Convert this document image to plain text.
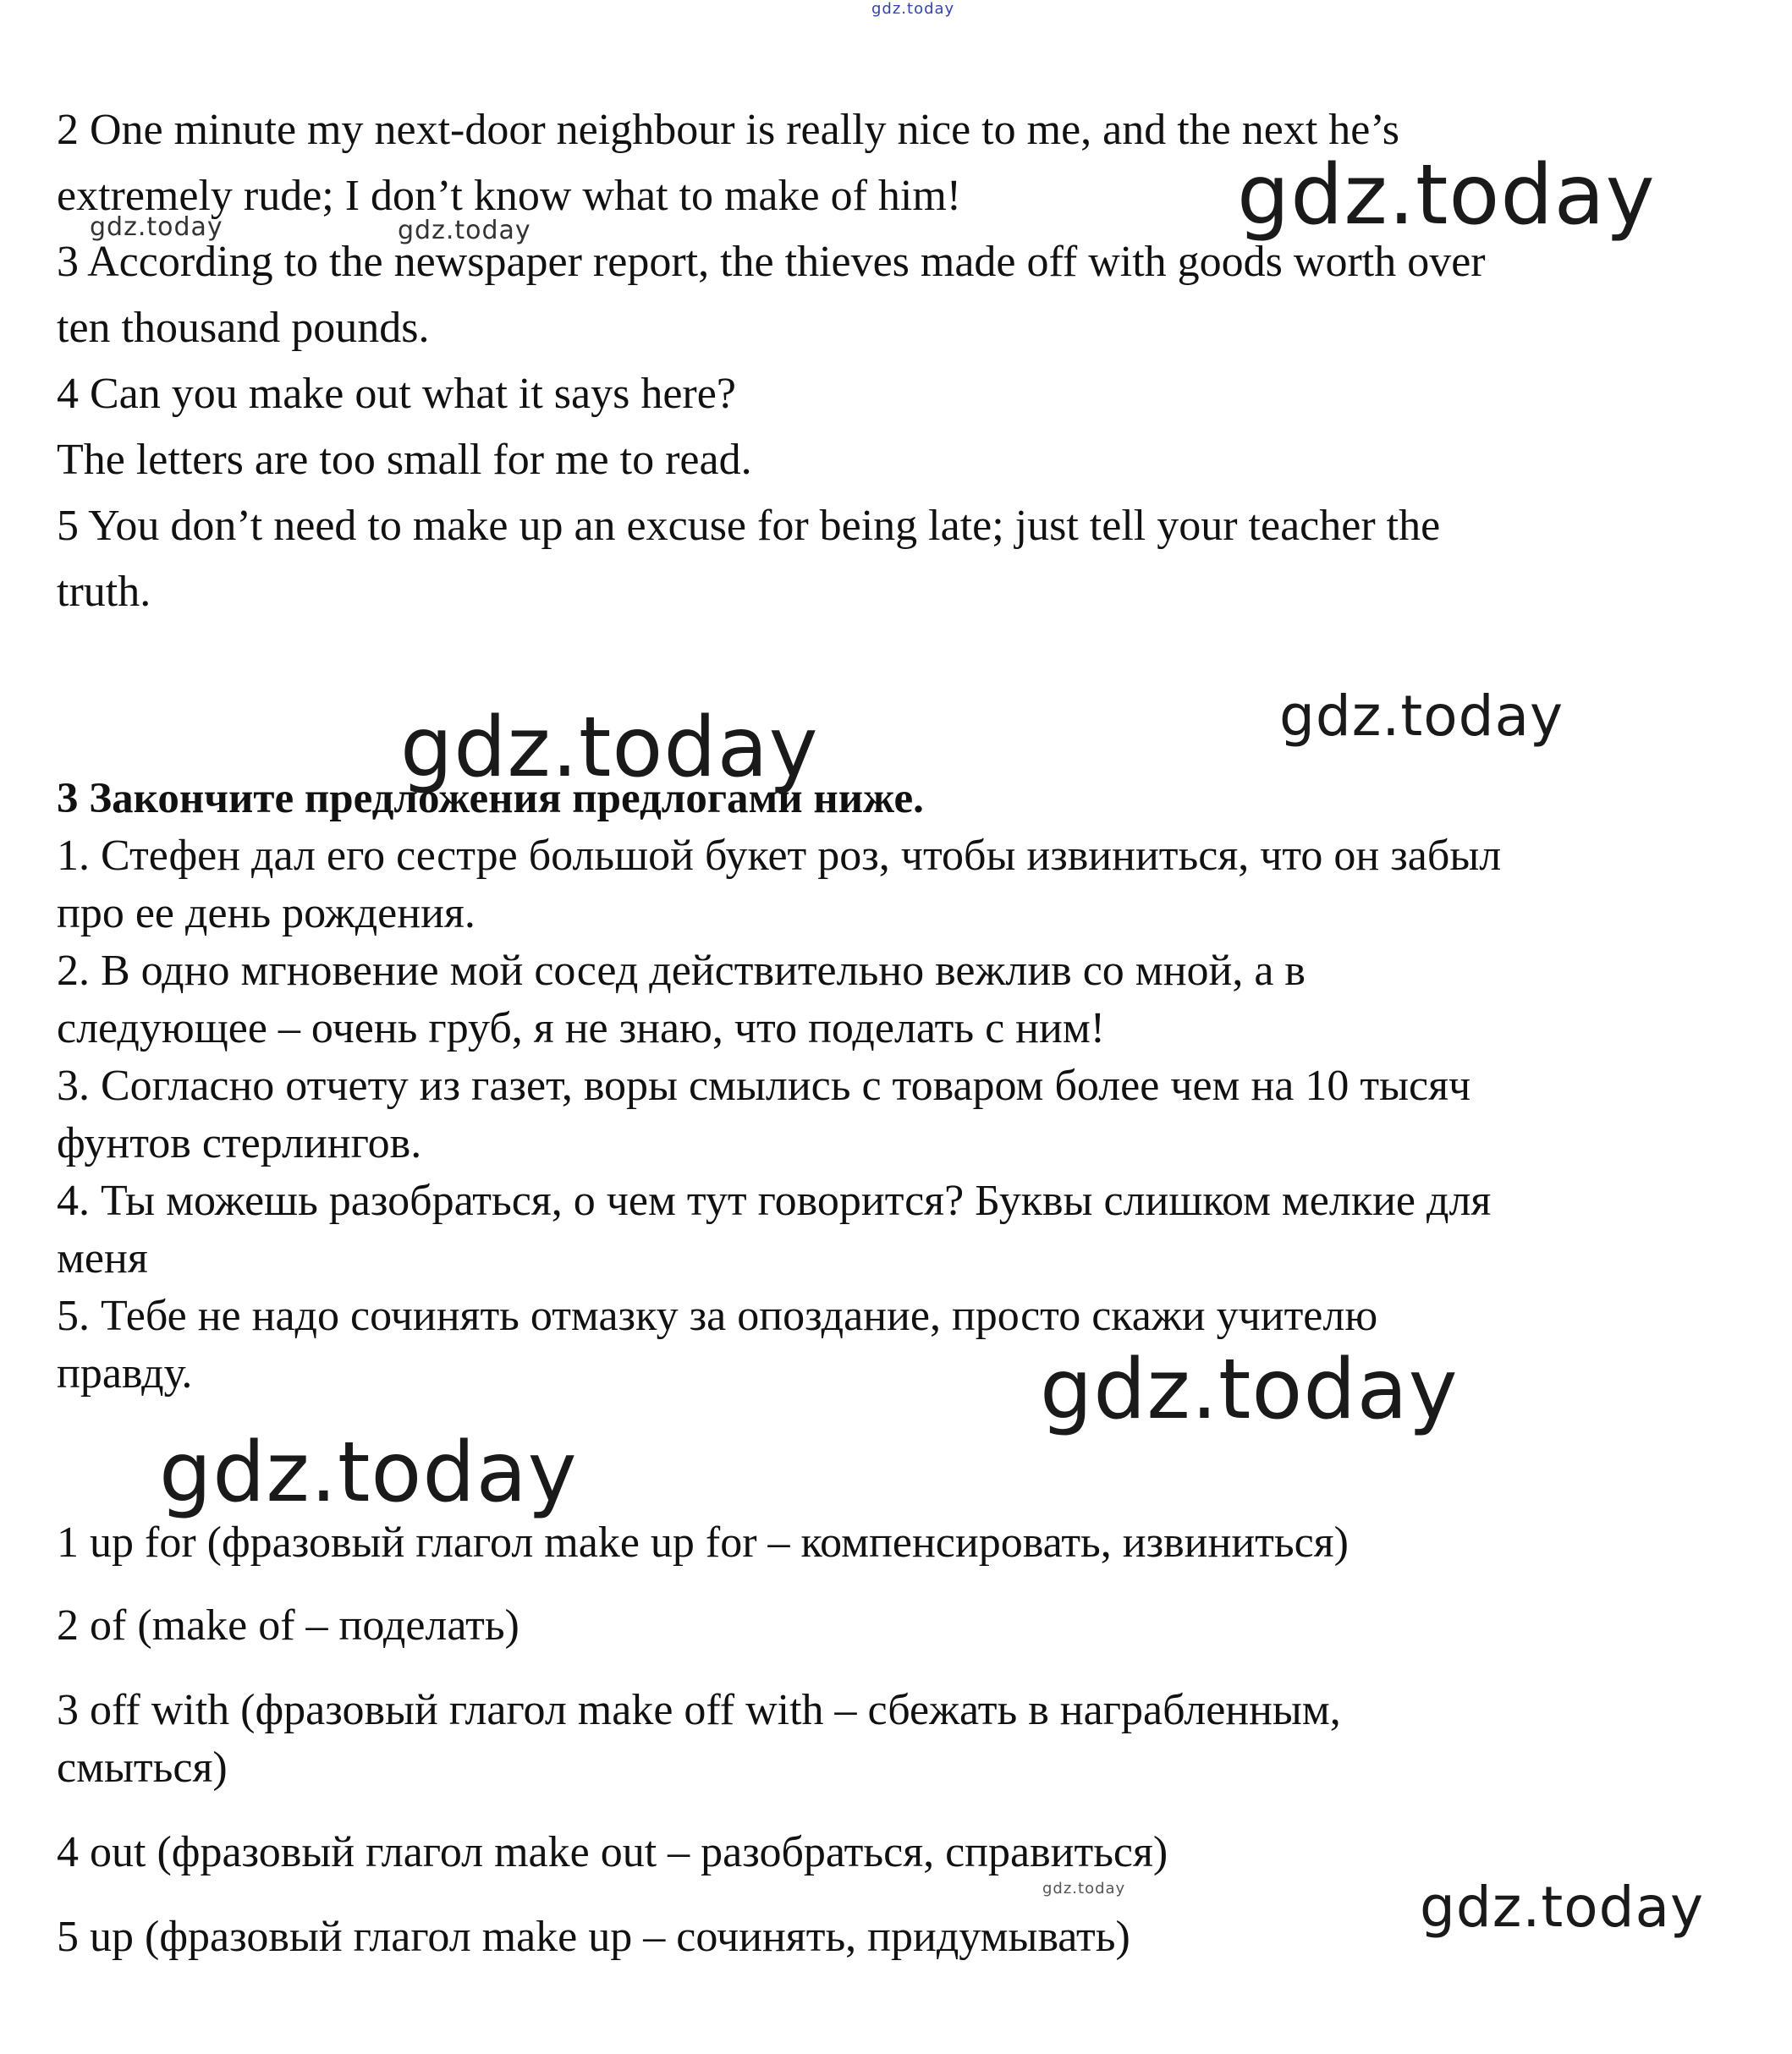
2 One minute my next-door neighbour is really nice to me, and the next he’s

extremely rude; I don’t know what to make of him!

3 According to the newspaper report, the thieves made off with goods worth over

ten thousand pounds.

4 Can you make out what it says here?

The letters are too small for me to read.

5 You don’t need to make up an excuse for being late; just tell your teacher the

truth.

3 Закончите предложения предлогами ниже.

1. Стефен дал его сестре большой букет роз, чтобы извиниться, что он забыл

про ее день рождения.

2. В одно мгновение мой сосед действительно вежлив со мной, а в

следующее – очень груб, я не знаю, что поделать с ним!

3. Согласно отчету из газет, воры смылись с товаром более чем на 10 тысяч

фунтов стерлингов.

4. Ты можешь разобраться, о чем тут говорится? Буквы слишком мелкие для

меня

5. Тебе не надо сочинять отмазку за опоздание, просто скажи учителю

правду.

1 up for (фразовый глагол make up for – компенсировать, извиниться)

2 of (make of – поделать)

3 off with (фразовый глагол make off with – сбежать в награбленным,

смыться)

4 out (фразовый глагол make out – разобраться, справиться)

5 up (фразовый глагол make up – сочинять, придумывать)

gdz.today
gdz.today
gdz.today	gdz.today
gdz.today
gdz.today
gdz.today
gdz.today
gdz.today	gdz.today
